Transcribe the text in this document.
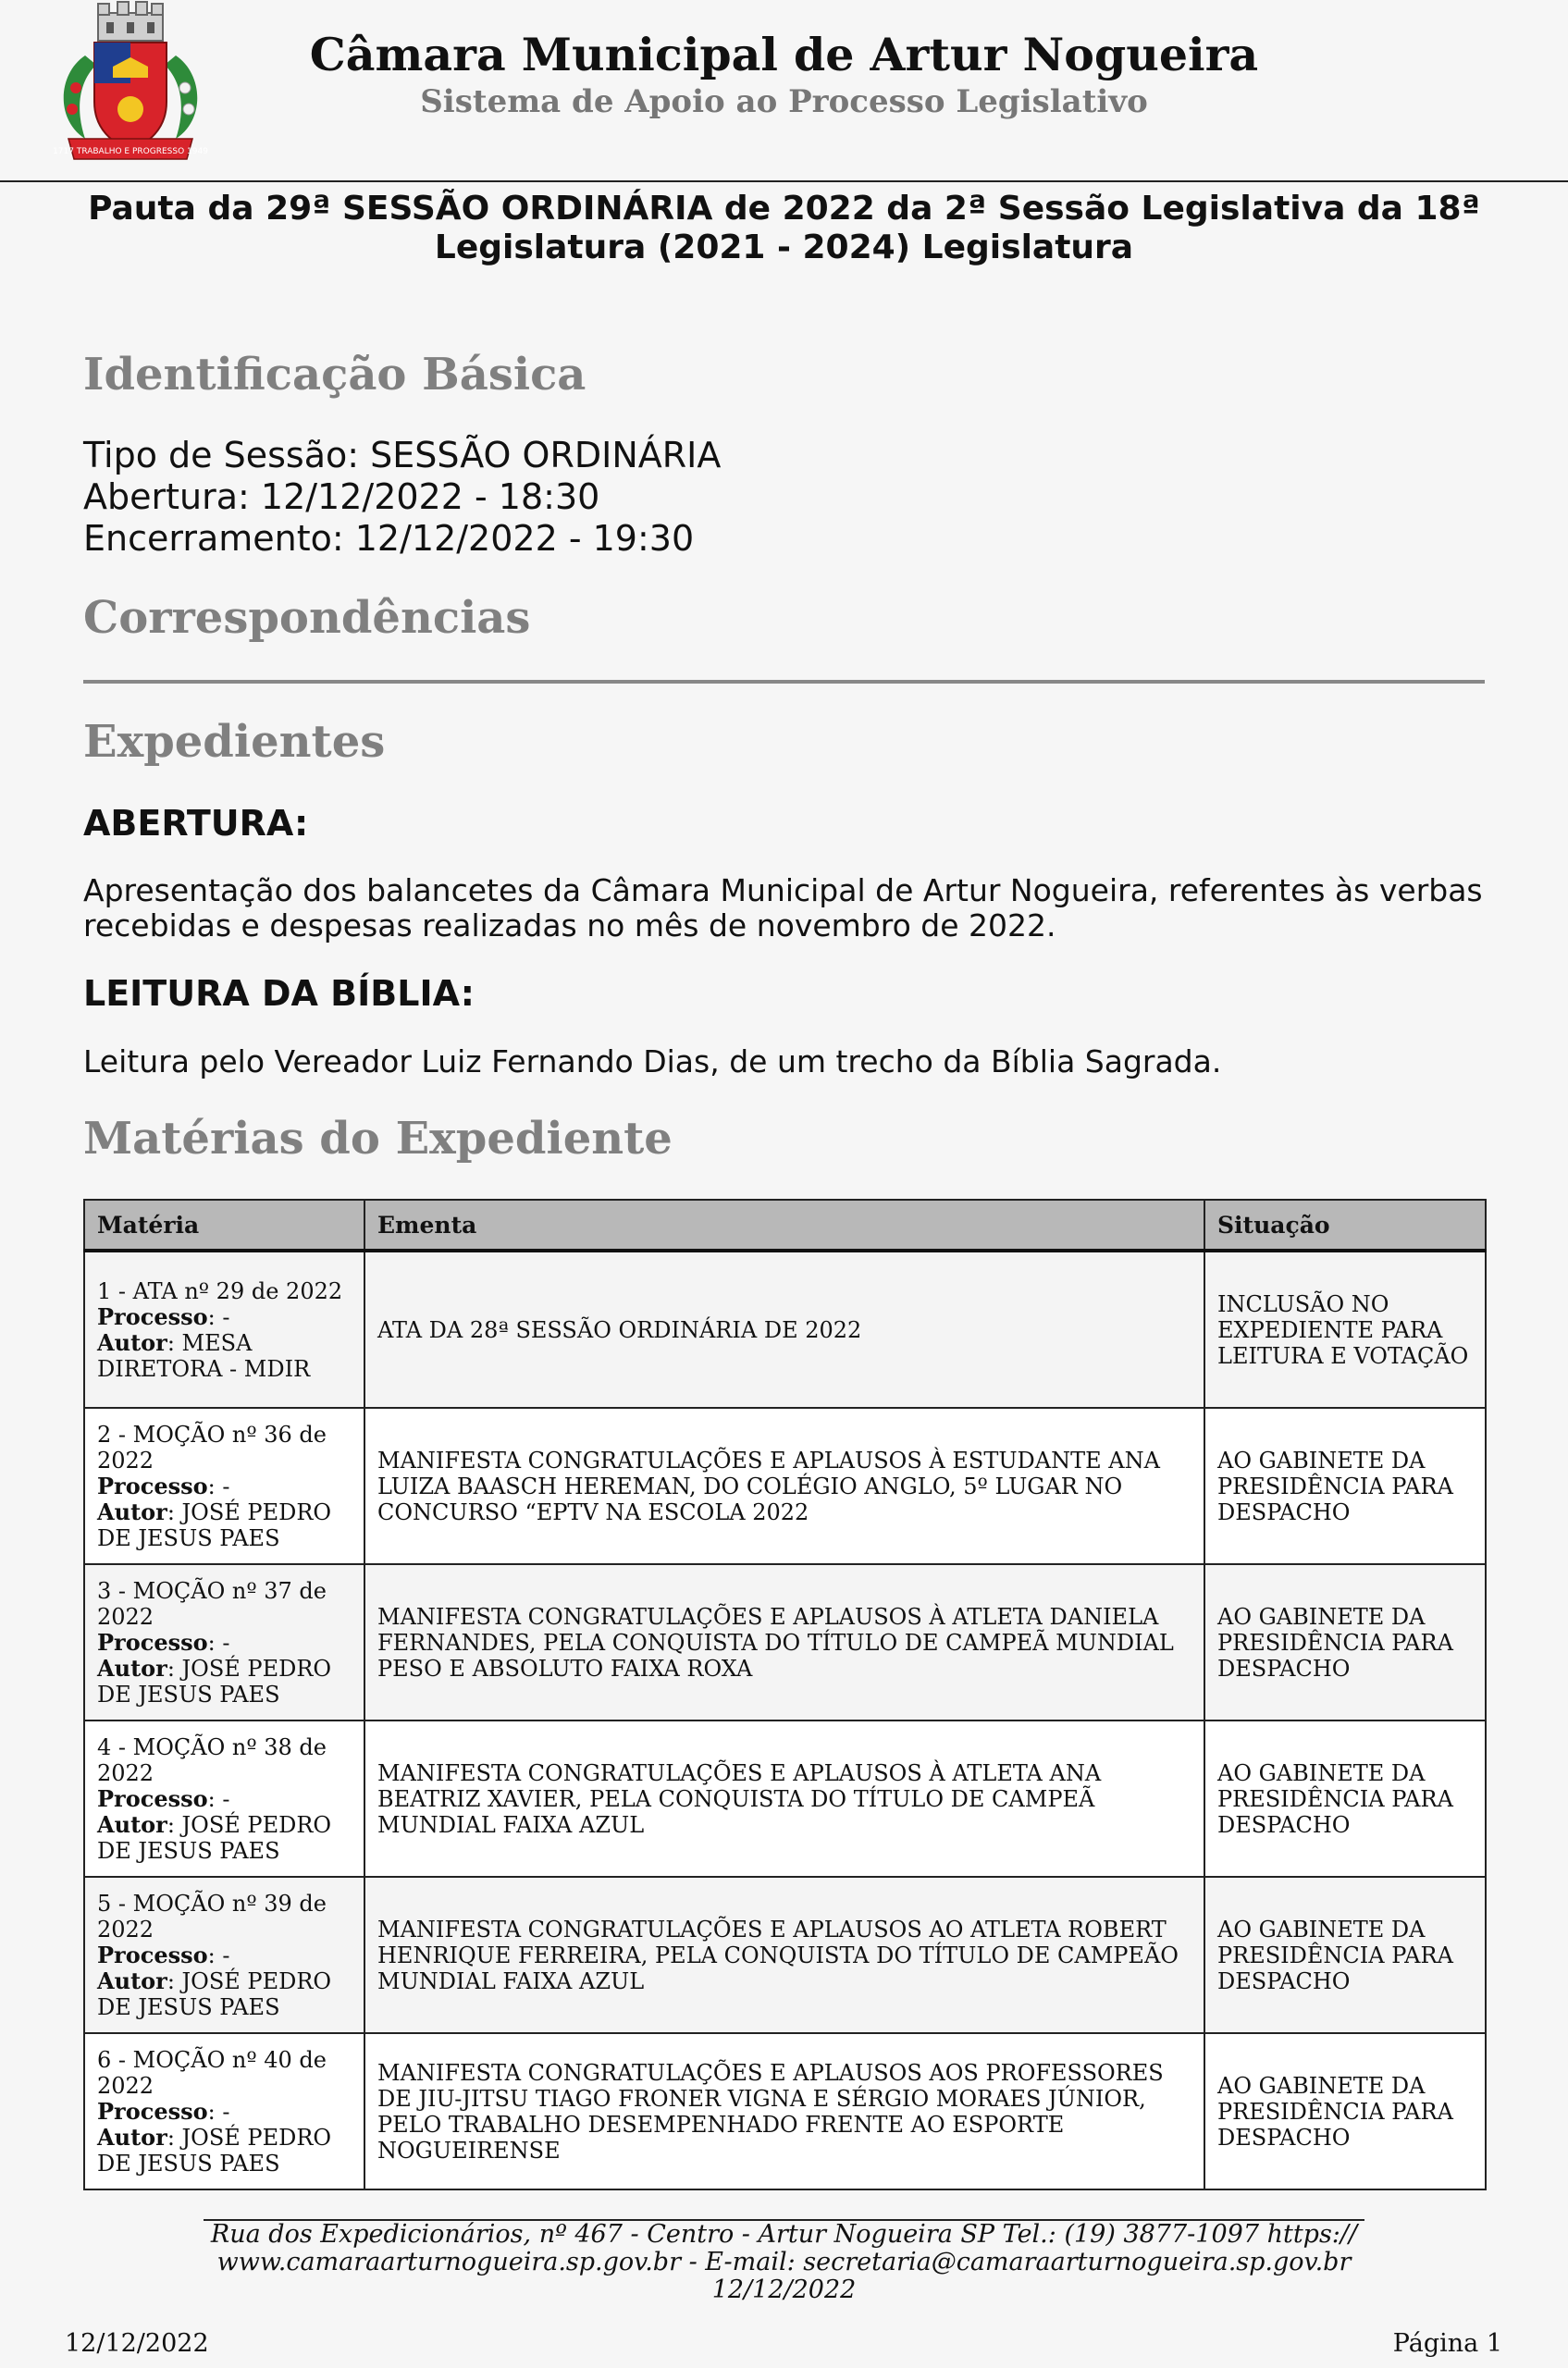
1717 TRABALHO E PROGRESSO 1949
Câmara Municipal de Artur Nogueira
Sistema de Apoio ao Processo Legislativo
Pauta da 29ª SESSÃO ORDINÁRIA de 2022 da 2ª Sessão Legislativa da 18ª
Legislatura (2021 - 2024) Legislatura
Identificação Básica
Tipo de Sessão: SESSÃO ORDINÁRIA
Abertura: 12/12/2022 - 18:30
Encerramento: 12/12/2022 - 19:30
Correspondências
Expedientes
ABERTURA:
Apresentação dos balancetes da Câmara Municipal de Artur Nogueira, referentes às verbas
recebidas e despesas realizadas no mês de novembro de 2022.
LEITURA DA BÍBLIA:
Leitura pelo Vereador Luiz Fernando Dias, de um trecho da Bíblia Sagrada.
Matérias do Expediente
Matéria	Ementa	Situação

1 - ATA nº 29 de 2022
Processo: -
Autor: MESA DIRETORA - MDIR	ATA DA 28ª SESSÃO ORDINÁRIA DE 2022	INCLUSÃO NO EXPEDIENTE PARA LEITURA E VOTAÇÃO

2 - MOÇÃO nº 36 de 2022
Processo: -
Autor: JOSÉ PEDRO DE JESUS PAES	MANIFESTA CONGRATULAÇÕES E APLAUSOS À ESTUDANTE ANA LUIZA BAASCH HEREMAN, DO COLÉGIO ANGLO, 5º LUGAR NO CONCURSO “EPTV NA ESCOLA 2022	AO GABINETE DA PRESIDÊNCIA PARA DESPACHO

3 - MOÇÃO nº 37 de 2022
Processo: -
Autor: JOSÉ PEDRO DE JESUS PAES	MANIFESTA CONGRATULAÇÕES E APLAUSOS À ATLETA DANIELA FERNANDES, PELA CONQUISTA DO TÍTULO DE CAMPEÃ MUNDIAL PESO E ABSOLUTO FAIXA ROXA	AO GABINETE DA PRESIDÊNCIA PARA DESPACHO

4 - MOÇÃO nº 38 de 2022
Processo: -
Autor: JOSÉ PEDRO DE JESUS PAES	MANIFESTA CONGRATULAÇÕES E APLAUSOS À ATLETA ANA BEATRIZ XAVIER, PELA CONQUISTA DO TÍTULO DE CAMPEÃ MUNDIAL FAIXA AZUL	AO GABINETE DA PRESIDÊNCIA PARA DESPACHO

5 - MOÇÃO nº 39 de 2022
Processo: -
Autor: JOSÉ PEDRO DE JESUS PAES	MANIFESTA CONGRATULAÇÕES E APLAUSOS AO ATLETA ROBERT HENRIQUE FERREIRA, PELA CONQUISTA DO TÍTULO DE CAMPEÃO MUNDIAL FAIXA AZUL	AO GABINETE DA PRESIDÊNCIA PARA DESPACHO

6 - MOÇÃO nº 40 de 2022
Processo: -
Autor: JOSÉ PEDRO DE JESUS PAES	MANIFESTA CONGRATULAÇÕES E APLAUSOS AOS PROFESSORES DE JIU-JITSU TIAGO FRONER VIGNA E SÉRGIO MORAES JÚNIOR, PELO TRABALHO DESEMPENHADO FRENTE AO ESPORTE NOGUEIRENSE	AO GABINETE DA PRESIDÊNCIA PARA DESPACHO
Rua dos Expedicionários, nº 467 - Centro - Artur Nogueira SP Tel.: (19) 3877-1097 https://
www.camaraarturnogueira.sp.gov.br - E-mail: secretaria@camaraarturnogueira.sp.gov.br
12/12/2022
12/12/2022	Página 1
